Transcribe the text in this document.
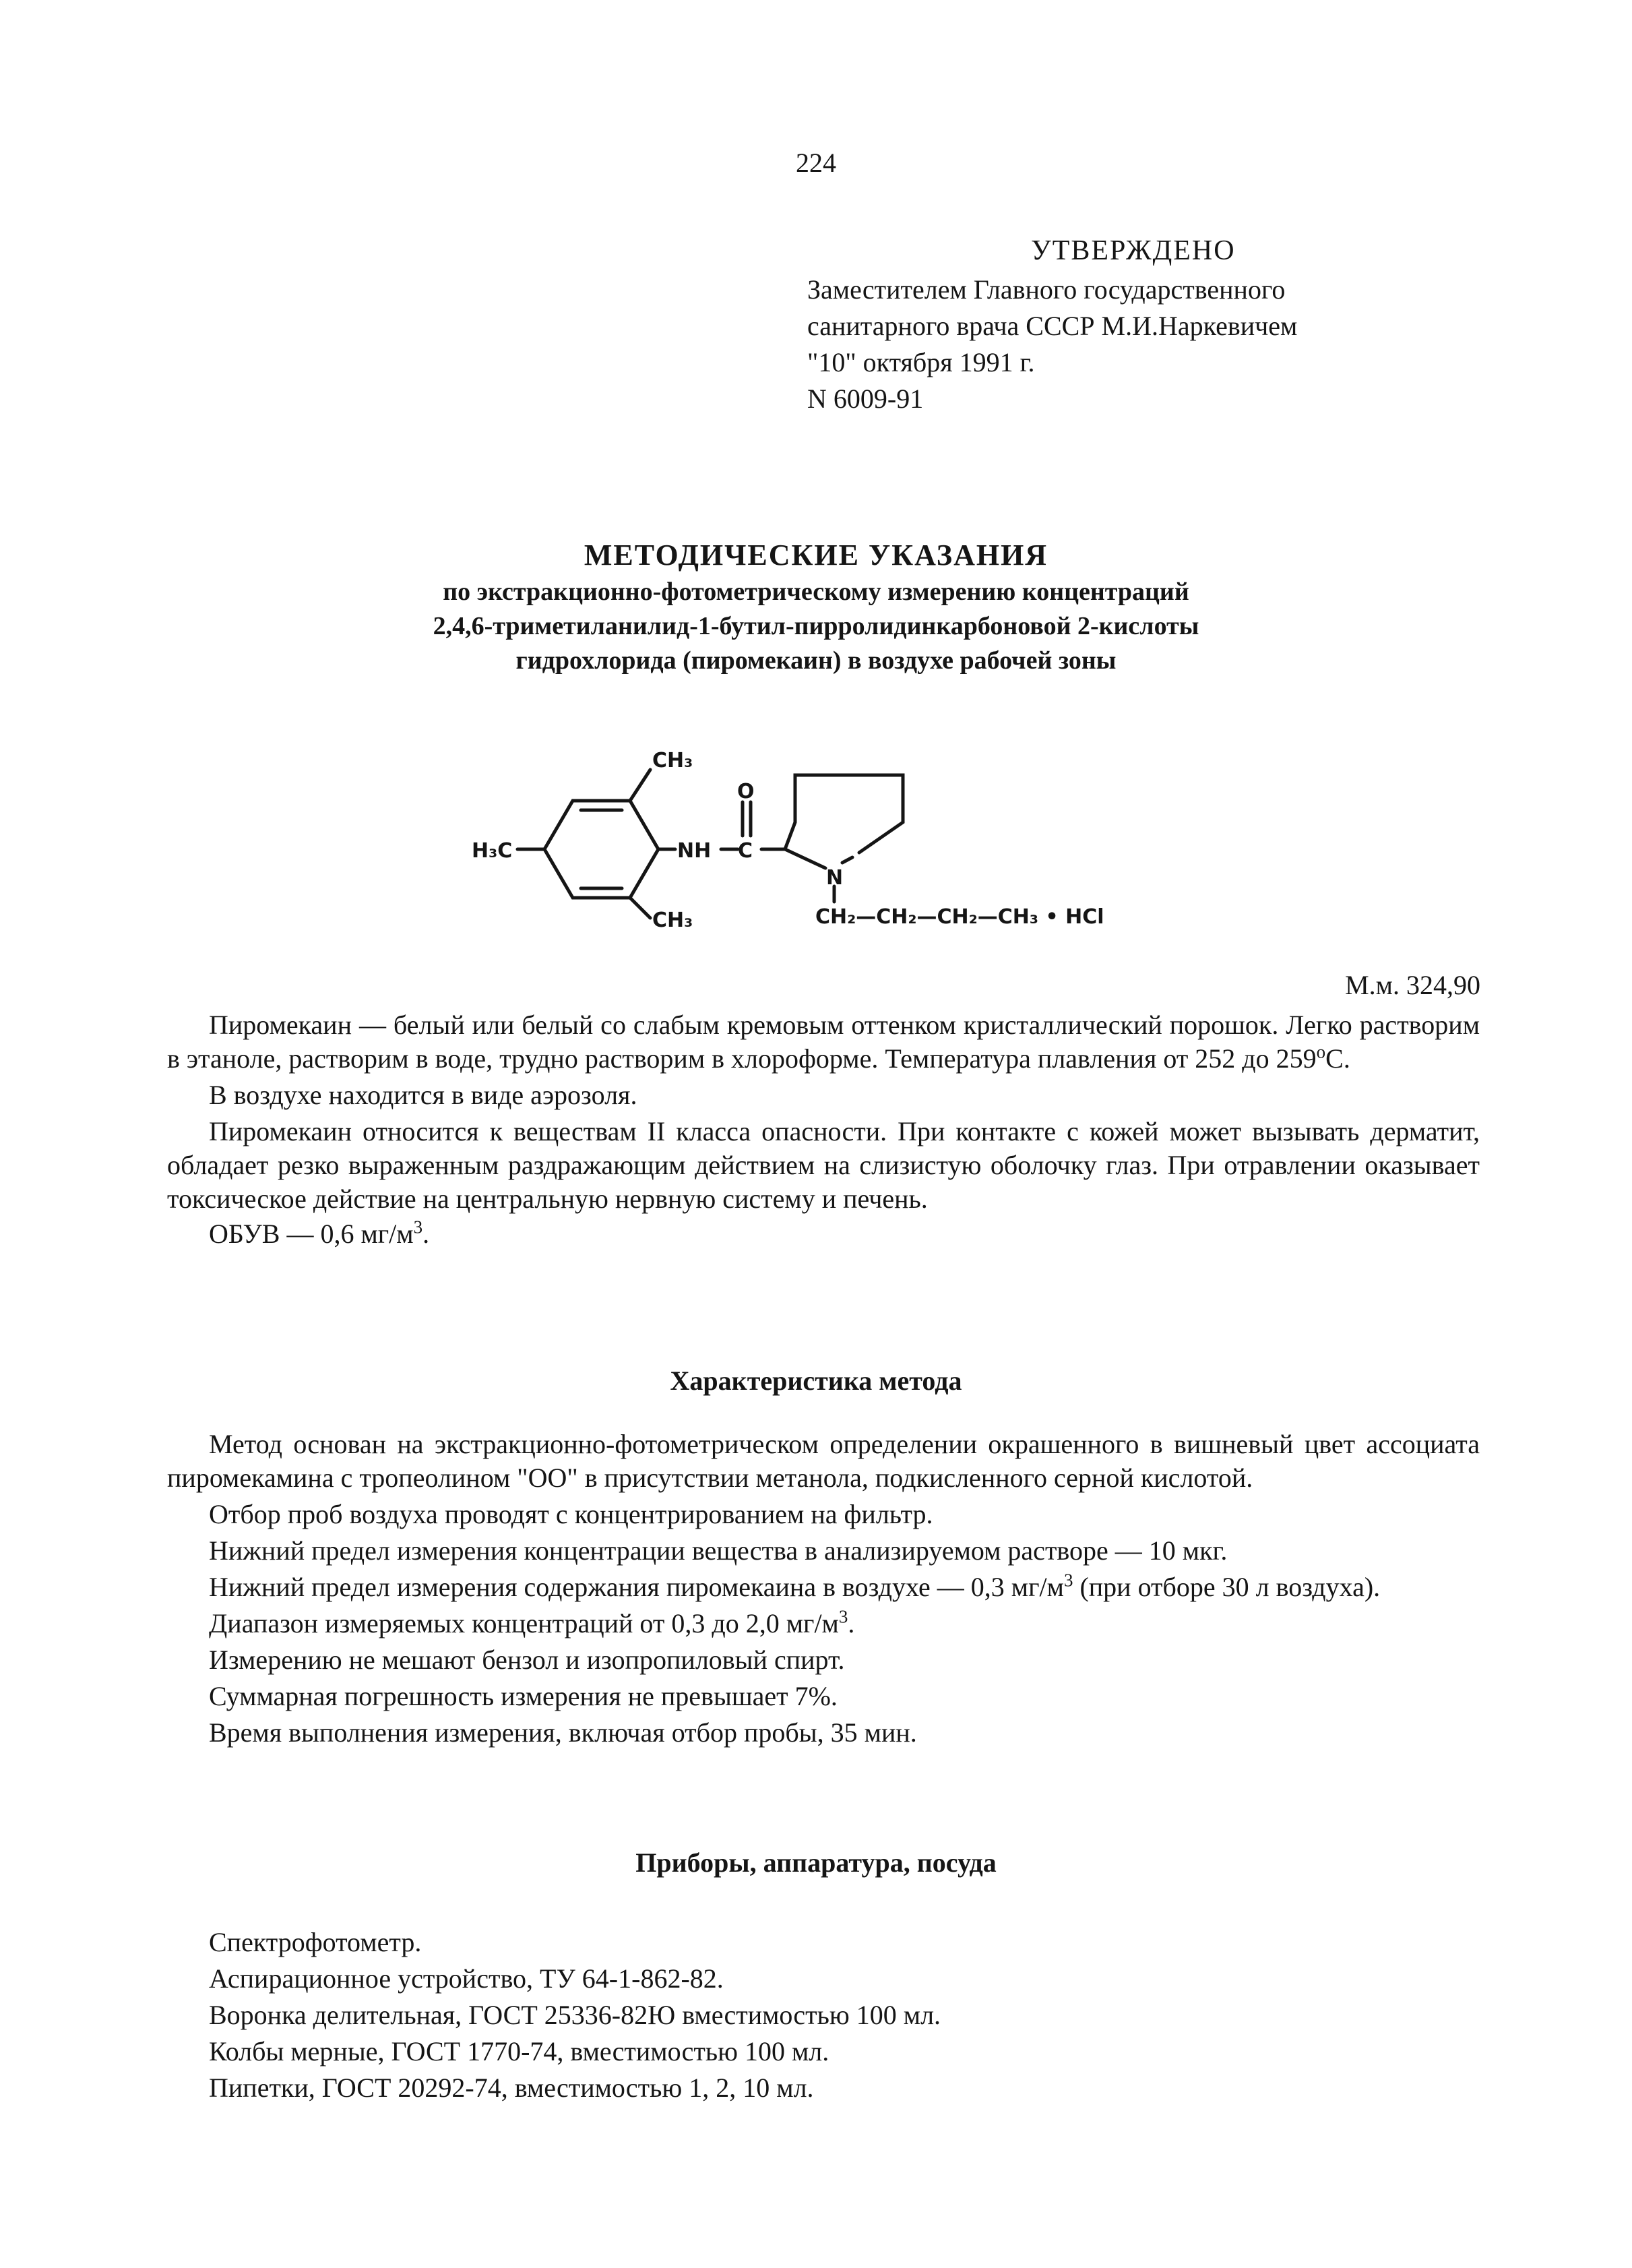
224
УТВЕРЖДЕНО
Заместителем Главного государственного
санитарного врача СССР М.И.Наркевичем
"10" октября 1991 г.
N 6009-91
МЕТОДИЧЕСКИЕ УКАЗАНИЯ
по экстракционно-фотометрическому измерению концентраций
2,4,6-триметиланилид-1-бутил-пирролидинкарбоновой 2-кислоты
гидрохлорида (пиромекаин) в воздухе рабочей зоны
CH₃
CH₃
H₃C	NH
O
C
N
CH₂—CH₂—CH₂—CH₃ • HCl
М.м. 324,90

Пиромекаин — белый или белый со слабым кремовым оттенком кристаллический порошок. Легко растворим в этаноле, растворим в воде, трудно растворим в хлороформе. Температура плавления от 252 до $259^оС$.

В воздухе находится в виде аэрозоля.

Пиромекаин относится к веществам II класса опасности. При контакте с кожей может вызывать дерматит, обладает резко выраженным раздражающим действием на слизистую оболочку глаз. При отравлении оказывает токсическое действие на центральную нервную систему и печень.

ОБУВ — 0,6 $мг/м^3$.

Характеристика метода

Метод основан на экстракционно-фотометрическом определении окрашенного в вишневый цвет ассоциата пиромекамина с тропеолином "ОО" в присутствии метанола, подкисленного серной кислотой.

Отбор проб воздуха проводят с концентрированием на фильтр.

Нижний предел измерения концентрации вещества в анализируемом растворе — 10 мкг.

Нижний предел измерения содержания пиромекаина в воздухе — 0,3 $мг/м^3$ (при отборе 30 л воздуха).

Диапазон измеряемых концентраций от 0,3 до 2,0 $мг/м^3$.

Измерению не мешают бензол и изопропиловый спирт.

Суммарная погрешность измерения не превышает 7%.

Время выполнения измерения, включая отбор пробы, 35 мин.

Приборы, аппаратура, посуда
Спектрофотометр.
Аспирационное устройство, ТУ 64-1-862-82.
Воронка делительная, ГОСТ 25336-82Ю вместимостью 100 мл.
Колбы мерные, ГОСТ 1770-74, вместимостью 100 мл.
Пипетки, ГОСТ 20292-74, вместимостью 1, 2, 10 мл.
